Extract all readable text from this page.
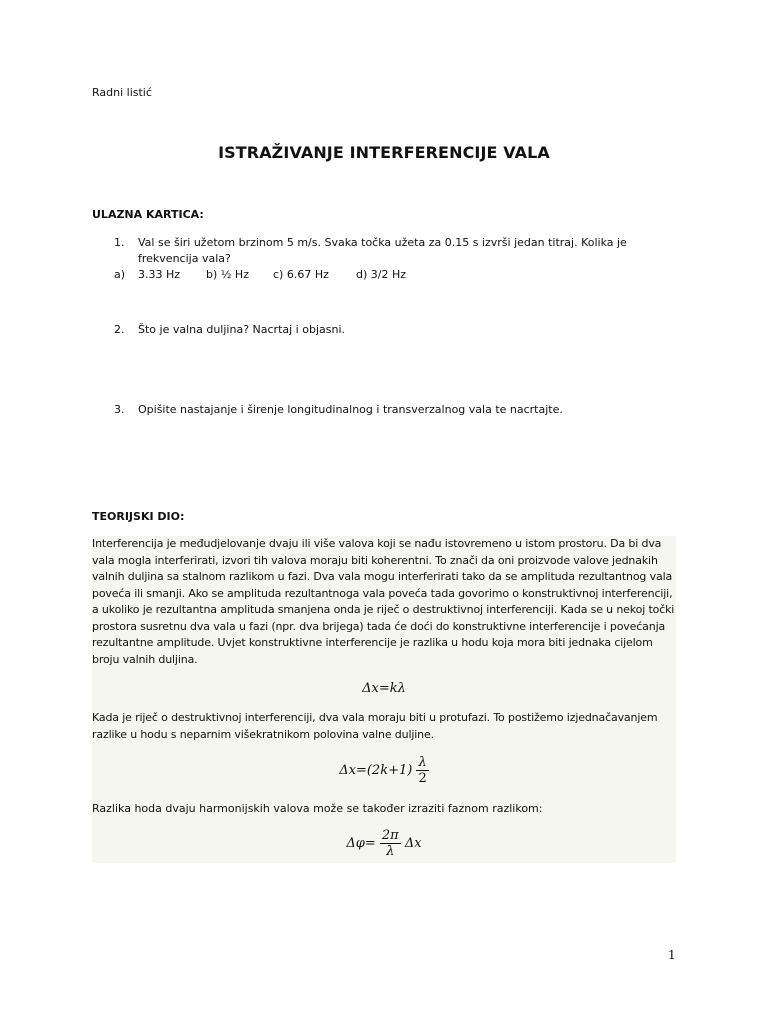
Radni listić
ISTRAŽIVANJE INTERFERENCIJE VALA
ULAZNA KARTICA:
1. Val se širi užetom brzinom 5 m/s. Svaka točka užeta za 0.15 s izvrši jedan titraj. Kolika je frekvencija vala?
a) 3.33 Hz b) ½ Hz c) 6.67 Hz d) 3/2 Hz
2. Što je valna duljina? Nacrtaj i objasni.
3. Opišite nastajanje i širenje longitudinalnog i transverzalnog vala te nacrtajte.
TEORIJSKI DIO:
Interferencija je međudjelovanje dvaju ili više valova koji se nađu istovremeno u istom prostoru. Da bi dva vala mogla interferirati, izvori tih valova moraju biti koherentni. To znači da oni proizvode valove jednakih valnih duljina sa stalnom razlikom u fazi. Dva vala mogu interferirati tako da se amplituda rezultantnog vala poveća ili smanji. Ako se amplituda rezultantnoga vala poveća tada govorimo o konstruktivnoj interferenciji, a ukoliko je rezultantna amplituda smanjena onda je riječ o destruktivnoj interferenciji. Kada se u nekoj točki prostora susretnu dva vala u fazi (npr. dva brijega) tada će doći do konstruktivne interferencije i povećanja rezultantne amplitude. Uvjet konstruktivne interferencije je razlika u hodu koja mora biti jednaka cijelom broju valnih duljina.
Δx=kλ
Kada je riječ o destruktivnoj interferenciji, dva vala moraju biti u protufazi. To postižemo izjednačavanjem razlike u hodu s neparnim višekratnikom polovina valne duljine.
$\Delta x=(2k+1) \frac{\lambda}{2}$
Razlika hoda dvaju harmonijskih valova može se također izraziti faznom razlikom:
$\Delta\varphi= \frac{2\pi}{\lambda}$ Δx
1
